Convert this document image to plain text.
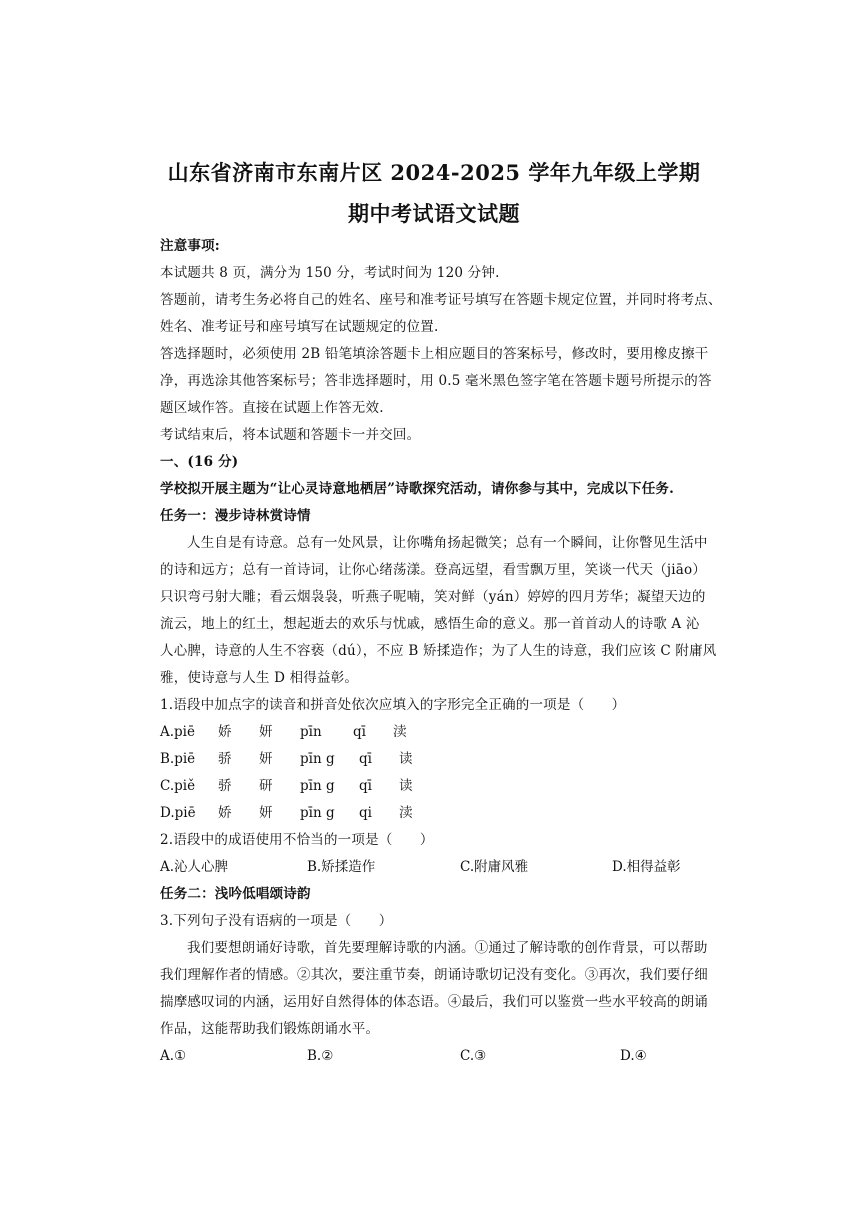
山东省济南市东南片区 2024-2025 学年九年级上学期
期中考试语文试题
注意事项:
本试题共 8 页，满分为 150 分，考试时间为 120 分钟.
答题前，请考生务必将自己的姓名、座号和准考证号填写在答题卡规定位置，并同时将考点、
姓名、准考证号和座号填写在试题规定的位置.
答选择题时，必须使用 2B 铅笔填涂答题卡上相应题目的答案标号，修改时，要用橡皮擦干
净，再选涂其他答案标号；答非选择题时，用 0.5 毫米黑色签字笔在答题卡题号所提示的答
题区域作答。直接在试题上作答无效.
考试结束后，将本试题和答题卡一并交回。
一、(16 分)
学校拟开展主题为“让心灵诗意地栖居”诗歌探究活动，请你参与其中，完成以下任务.
任务一：漫步诗林赏诗情
人生自是有诗意。总有一处风景，让你嘴角扬起微笑；总有一个瞬间，让你瞥见生活中
的诗和远方；总有一首诗词，让你心绪荡漾。登高远望，看雪飘万里，笑谈一代天（jiāo）
只识弯弓射大雕；看云烟袅袅，听燕子呢喃，笑对鲜（yán）婷婷的四月芳华；凝望天边的
流云，地上的红土，想起逝去的欢乐与忧戚，感悟生命的意义。那一首首动人的诗歌 A 沁
人心脾，诗意的人生不容亵（dú），不应 B 矫揉造作；为了人生的诗意，我们应该 C 附庸风
雅，使诗意与人生 D 相得益彰。
1.语段中加点字的读音和拼音处依次应填入的字形完全正确的一项是（　　）
A.piē 娇 妍 pīn qī 渎
B.piē 骄 妍 pīn g qī 读
C.piě 骄 研 pīn g qī 读
D.piē 娇 妍 pīn g qi 渎
2.语段中的成语使用不恰当的一项是（　　）
A.沁人心脾	B.矫揉造作	C.附庸风雅	D.相得益彰
任务二：浅吟低唱颂诗韵
3.下列句子没有语病的一项是（　　）
我们要想朗诵好诗歌，首先要理解诗歌的内涵。①通过了解诗歌的创作背景，可以帮助
我们理解作者的情感。②其次，要注重节奏，朗诵诗歌切记没有变化。③再次，我们要仔细
揣摩感叹词的内涵，运用好自然得体的体态语。④最后，我们可以鉴赏一些水平较高的朗诵
作品，这能帮助我们锻炼朗诵水平。
A.①	B.②	C.③	D.④
